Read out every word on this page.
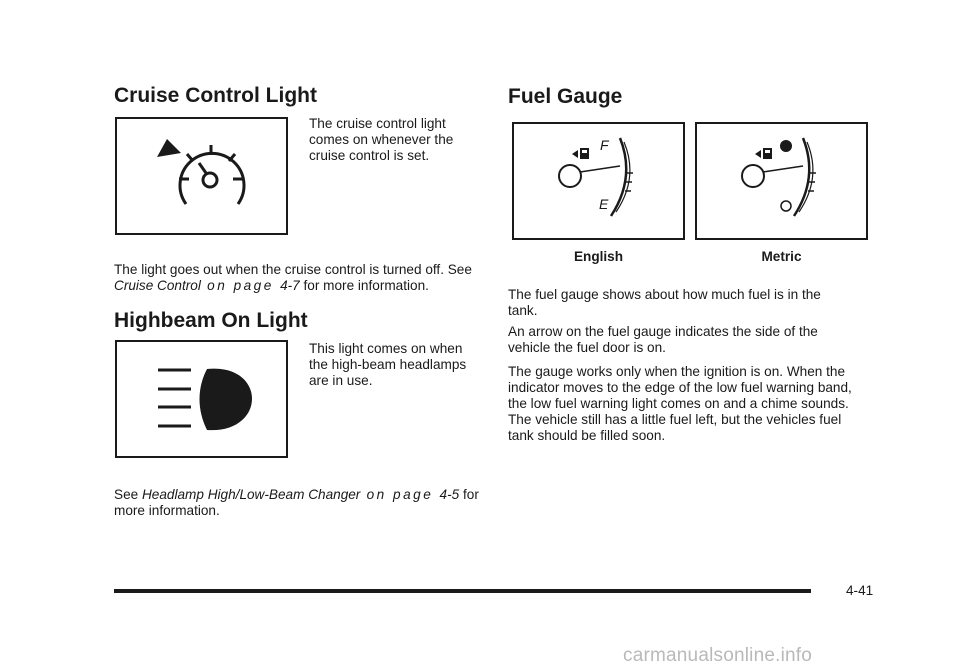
Cruise Control Light

The cruise control light comes on whenever the cruise control is set.

The light goes out when the cruise control is turned off. See Cruise Control on page 4-7 for more information.

Highbeam On Light

This light comes on when the high-beam headlamps are in use.

See Headlamp High/Low-Beam Changer on page 4-5 for more information.

Fuel Gauge
F
E
English	Metric

The fuel gauge shows about how much fuel is in the tank.

An arrow on the fuel gauge indicates the side of the vehicle the fuel door is on.

The gauge works only when the ignition is on. When the indicator moves to the edge of the low fuel warning band, the low fuel warning light comes on and a chime sounds. The vehicle still has a little fuel left, but the vehicles fuel tank should be filled soon.

4-41
carmanualsonline.info
